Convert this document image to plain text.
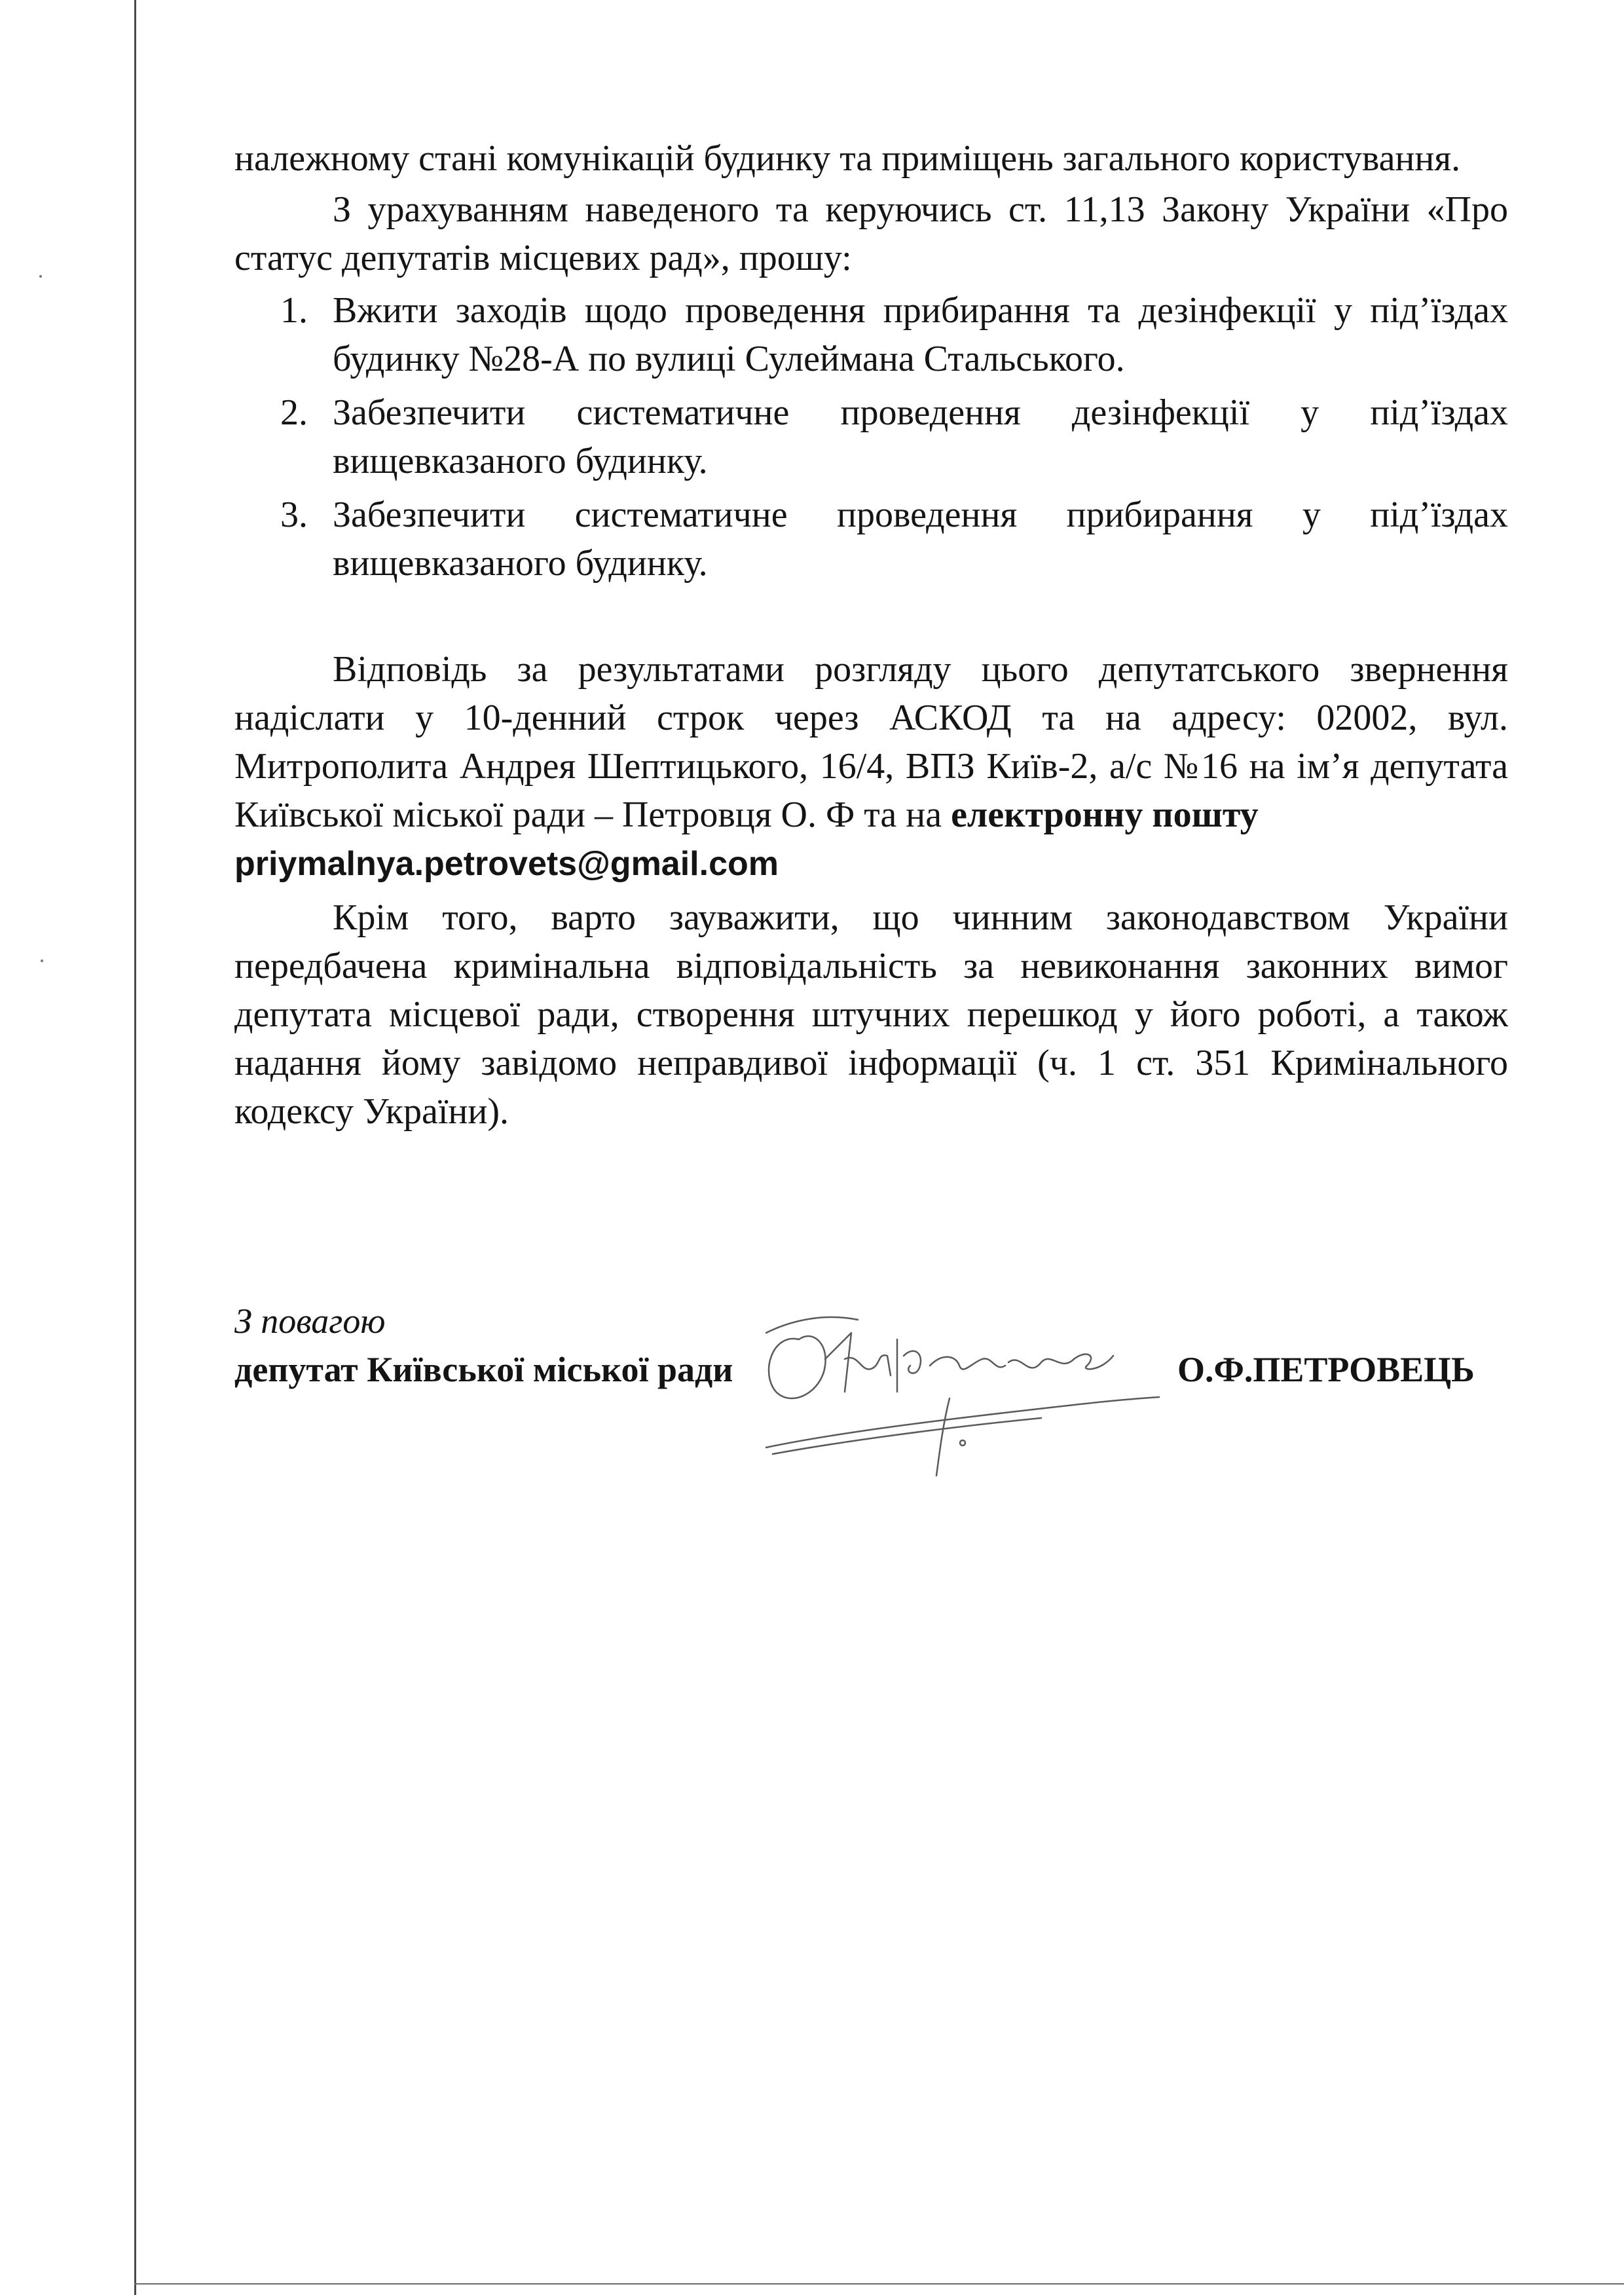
належному стані комунікацій будинку та приміщень загального користування.

З урахуванням наведеного та керуючись ст. 11,13 Закону України «Про статус депутатів місцевих рад», прошу:

1. Вжити заходів щодо проведення прибирання та дезінфекції у під’їздах будинку №28-А по вулиці Сулеймана Стальського.
2. Забезпечити систематичне проведення дезінфекції у під’їздах вищевказаного будинку.
3. Забезпечити систематичне проведення прибирання у під’їздах вищевказаного будинку.

Відповідь за результатами розгляду цього депутатського звернення надіслати у 10-денний строк через АСКОД та на адресу: 02002, вул. Митрополита Андрея Шептицького, 16/4, ВПЗ Київ-2, а/с №16 на ім’я депутата Київської міської ради – Петровця О. Ф та на електронну пошту
priymalnya.petrovets@gmail.com

Крім того, варто зауважити, що чинним законодавством України передбачена кримінальна відповідальність за невиконання законних вимог депутата місцевої ради, створення штучних перешкод у його роботі, а також надання йому завідомо неправдивої інформації (ч. 1 ст. 351 Кримінального кодексу України).

З повагою
депутат Київської міської ради	О.Ф.ПЕТРОВЕЦЬ
